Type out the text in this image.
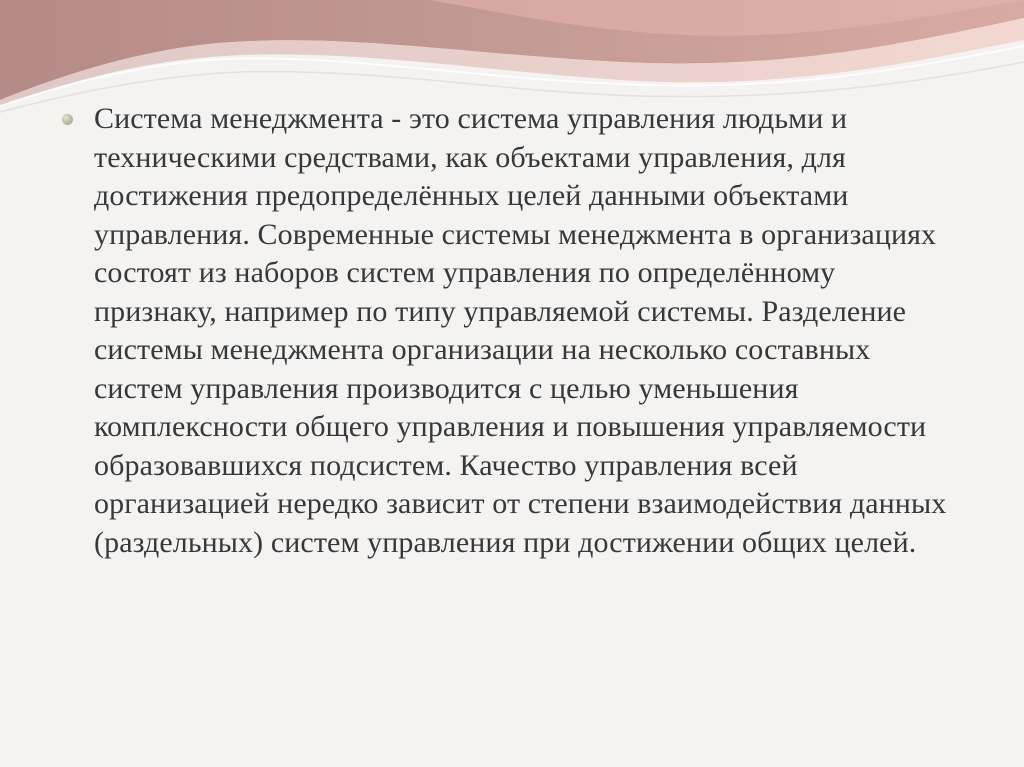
Система менеджмента - это система управления людьми и техническими средствами, как объектами управления, для достижения предопределённых целей данными объектами управления. Современные системы менеджмента в организациях состоят из наборов систем управления по определённому признаку, например по типу управляемой системы. Разделение системы менеджмента организации на несколько составных систем управления производится с целью уменьшения комплексности общего управления и повышения управляемости образовавшихся подсистем. Качество управления всей организацией нередко зависит от степени взаимодействия данных (раздельных) систем управления при достижении общих целей.
